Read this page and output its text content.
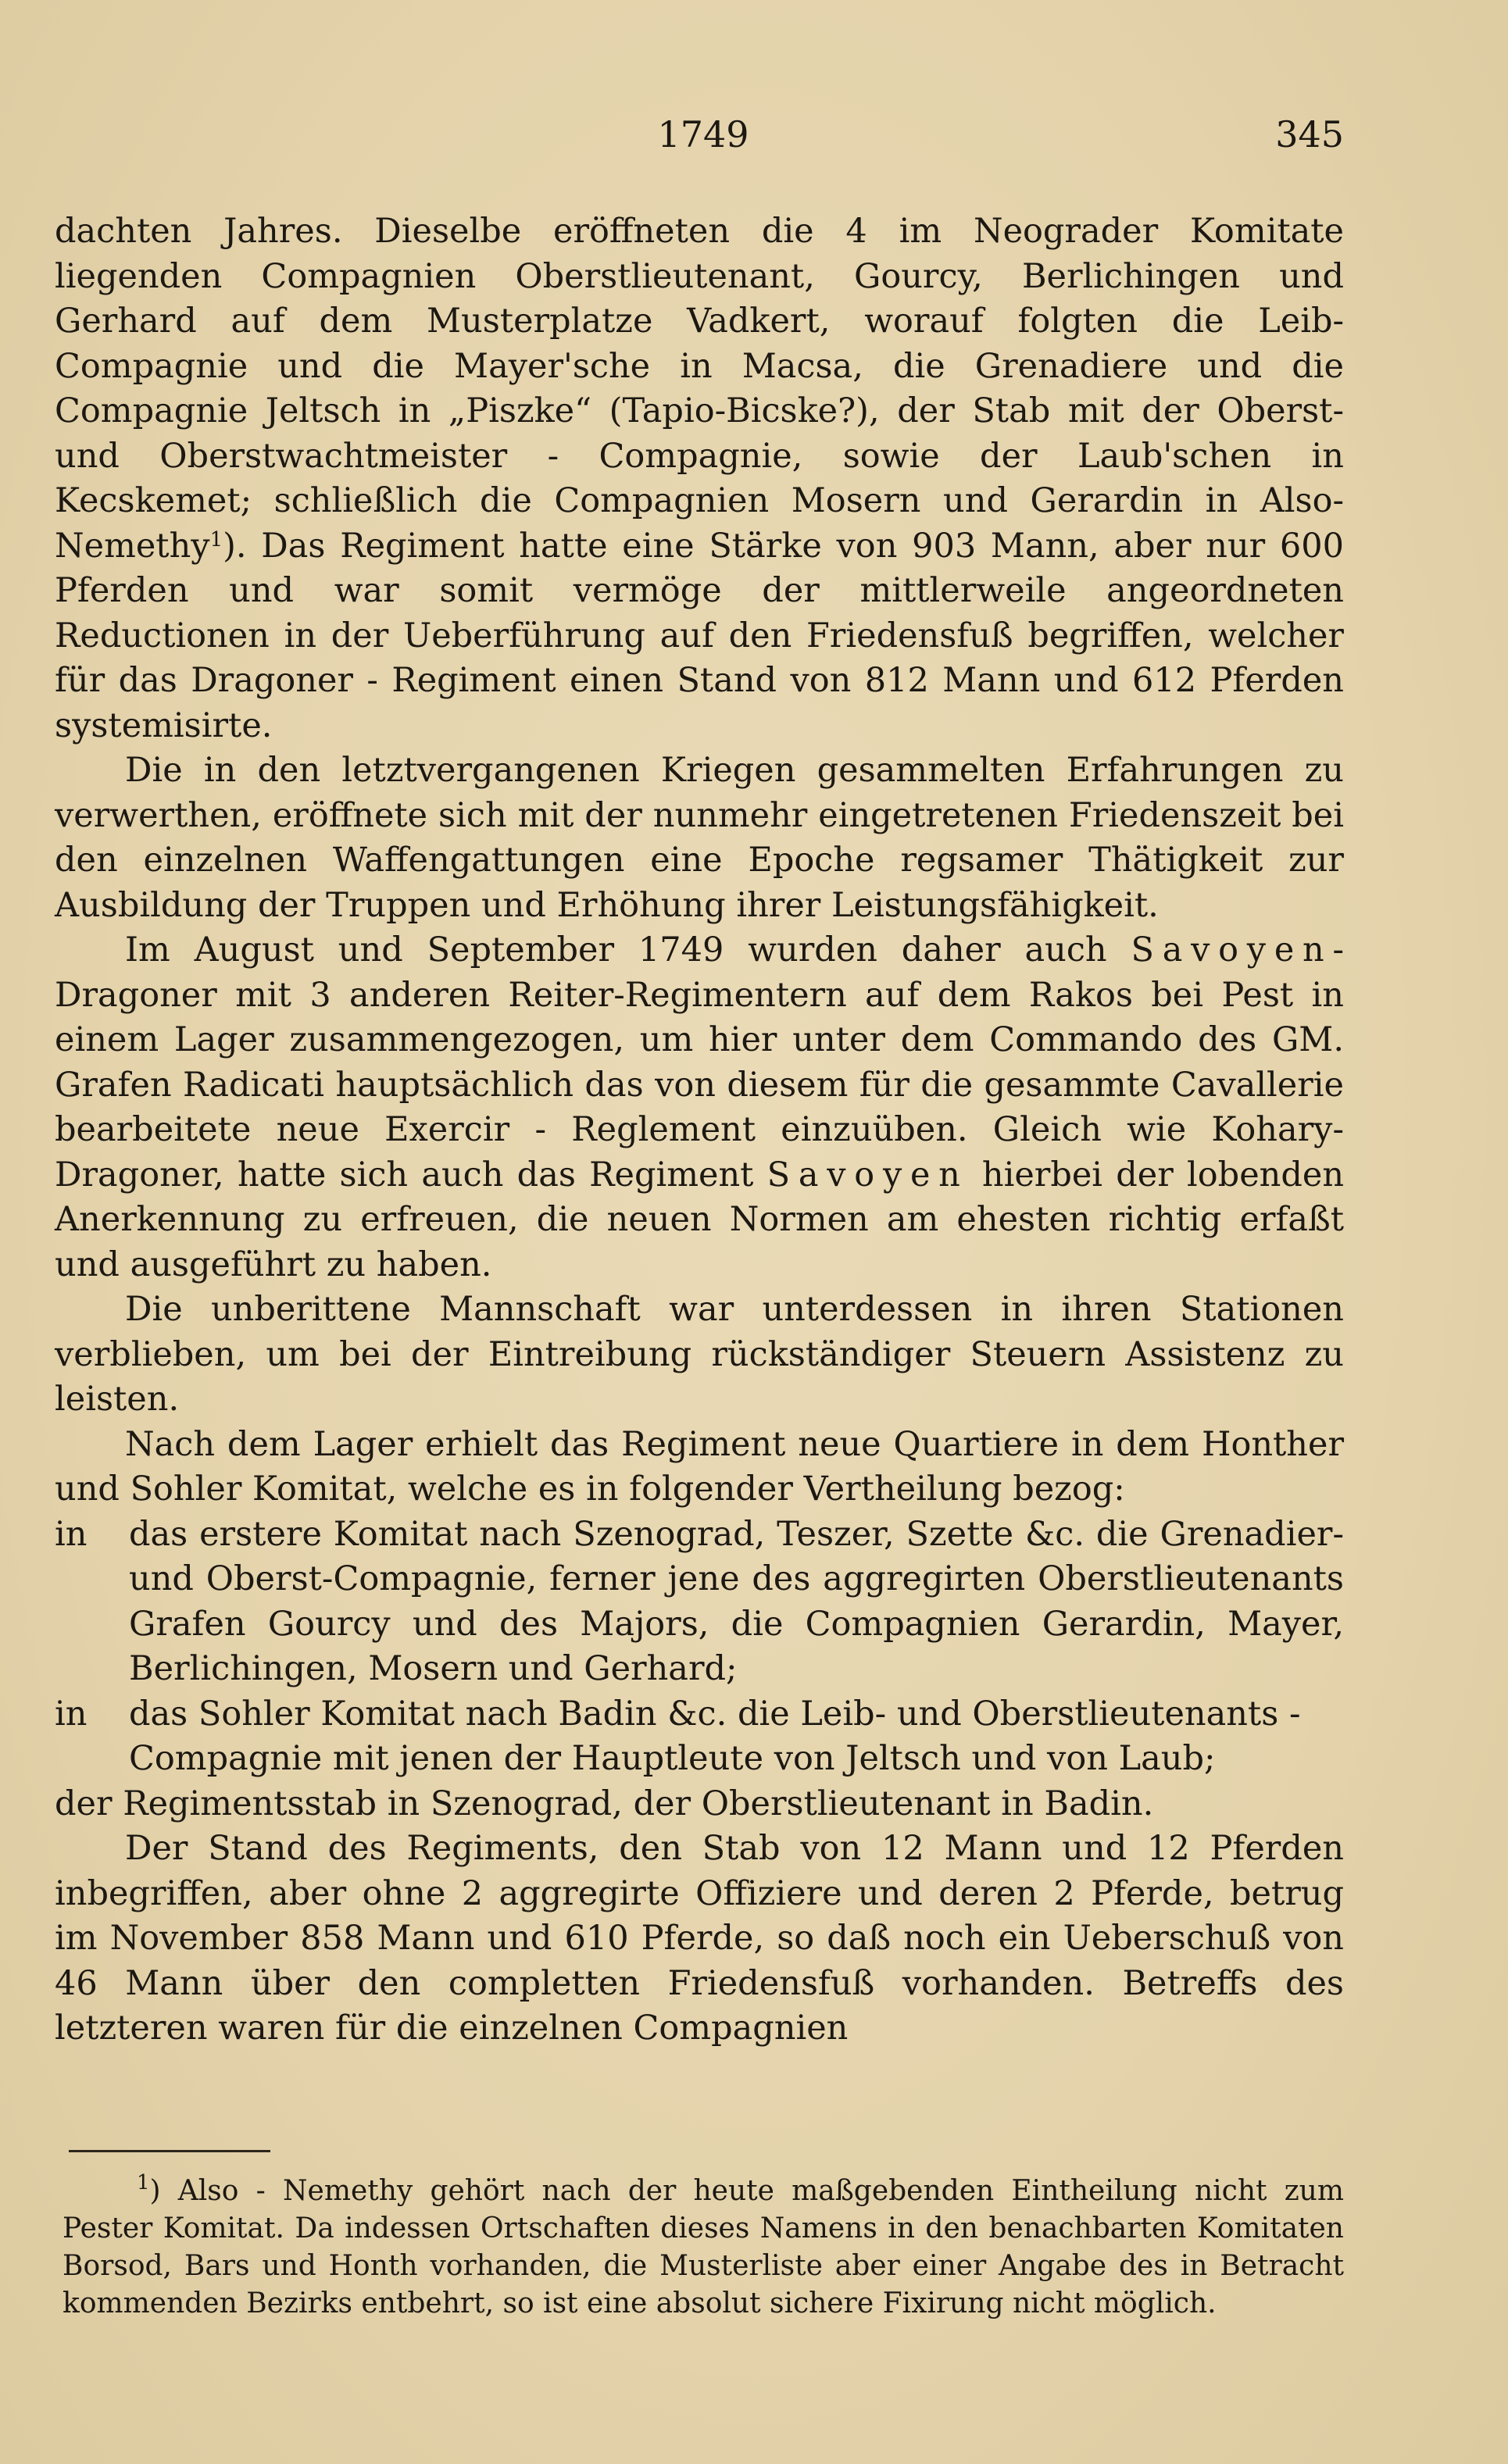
1749	345

dachten Jahres. Dieselbe eröffneten die 4 im Neograder Komitate liegenden Compagnien Oberstlieutenant, Gourcy, Berlichingen und Gerhard auf dem Musterplatze Vadkert, worauf folgten die Leib-Compagnie und die Mayer'sche in Macsa, die Grenadiere und die Compagnie Jeltsch in „Piszke“ (Tapio-Bicske?), der Stab mit der Oberst- und Oberstwachtmeister - Compagnie, sowie der Laub'schen in Kecskemet; schließlich die Compagnien Mosern und Gerardin in Also-Nemethy$^1$). Das Regiment hatte eine Stärke von 903 Mann, aber nur 600 Pferden und war somit vermöge der mittlerweile angeordneten Reductionen in der Ueberführung auf den Friedensfuß begriffen, welcher für das Dragoner - Regiment einen Stand von 812 Mann und 612 Pferden systemisirte.

Die in den letztvergangenen Kriegen gesammelten Erfahrungen zu verwerthen, eröffnete sich mit der nunmehr eingetretenen Friedenszeit bei den einzelnen Waffengattungen eine Epoche regsamer Thätigkeit zur Ausbildung der Truppen und Erhöhung ihrer Leistungsfähigkeit.

Im August und September 1749 wurden daher auch Savoyen-Dragoner mit 3 anderen Reiter-Regimentern auf dem Rakos bei Pest in einem Lager zusammengezogen, um hier unter dem Commando des GM. Grafen Radicati hauptsächlich das von diesem für die gesammte Cavallerie bearbeitete neue Exercir - Reglement einzuüben. Gleich wie Kohary-Dragoner, hatte sich auch das Regiment Savoyen hierbei der lobenden Anerkennung zu erfreuen, die neuen Normen am ehesten richtig erfaßt und ausgeführt zu haben.

Die unberittene Mannschaft war unterdessen in ihren Stationen verblieben, um bei der Eintreibung rückständiger Steuern Assistenz zu leisten.

Nach dem Lager erhielt das Regiment neue Quartiere in dem Honther und Sohler Komitat, welche es in folgender Vertheilung bezog:

in	das erstere Komitat nach Szenograd, Teszer, Szette &c. die Grenadier- und Oberst-Compagnie, ferner jene des aggregirten Oberstlieutenants Grafen Gourcy und des Majors, die Compagnien Gerardin, Mayer, Berlichingen, Mosern und Gerhard;
in	das Sohler Komitat nach Badin &c. die Leib- und Oberstlieutenants - Compagnie mit jenen der Hauptleute von Jeltsch und von Laub;

der Regimentsstab in Szenograd, der Oberstlieutenant in Badin.

Der Stand des Regiments, den Stab von 12 Mann und 12 Pferden inbegriffen, aber ohne 2 aggregirte Offiziere und deren 2 Pferde, betrug im November 858 Mann und 610 Pferde, so daß noch ein Ueberschuß von 46 Mann über den completten Friedensfuß vorhanden. Betreffs des letzteren waren für die einzelnen Compagnien

$^1$) Also - Nemethy gehört nach der heute maßgebenden Eintheilung nicht zum Pester Komitat. Da indessen Ortschaften dieses Namens in den benachbarten Komitaten Borsod, Bars und Honth vorhanden, die Musterliste aber einer Angabe des in Betracht kommenden Bezirks entbehrt, so ist eine absolut sichere Fixirung nicht möglich.
